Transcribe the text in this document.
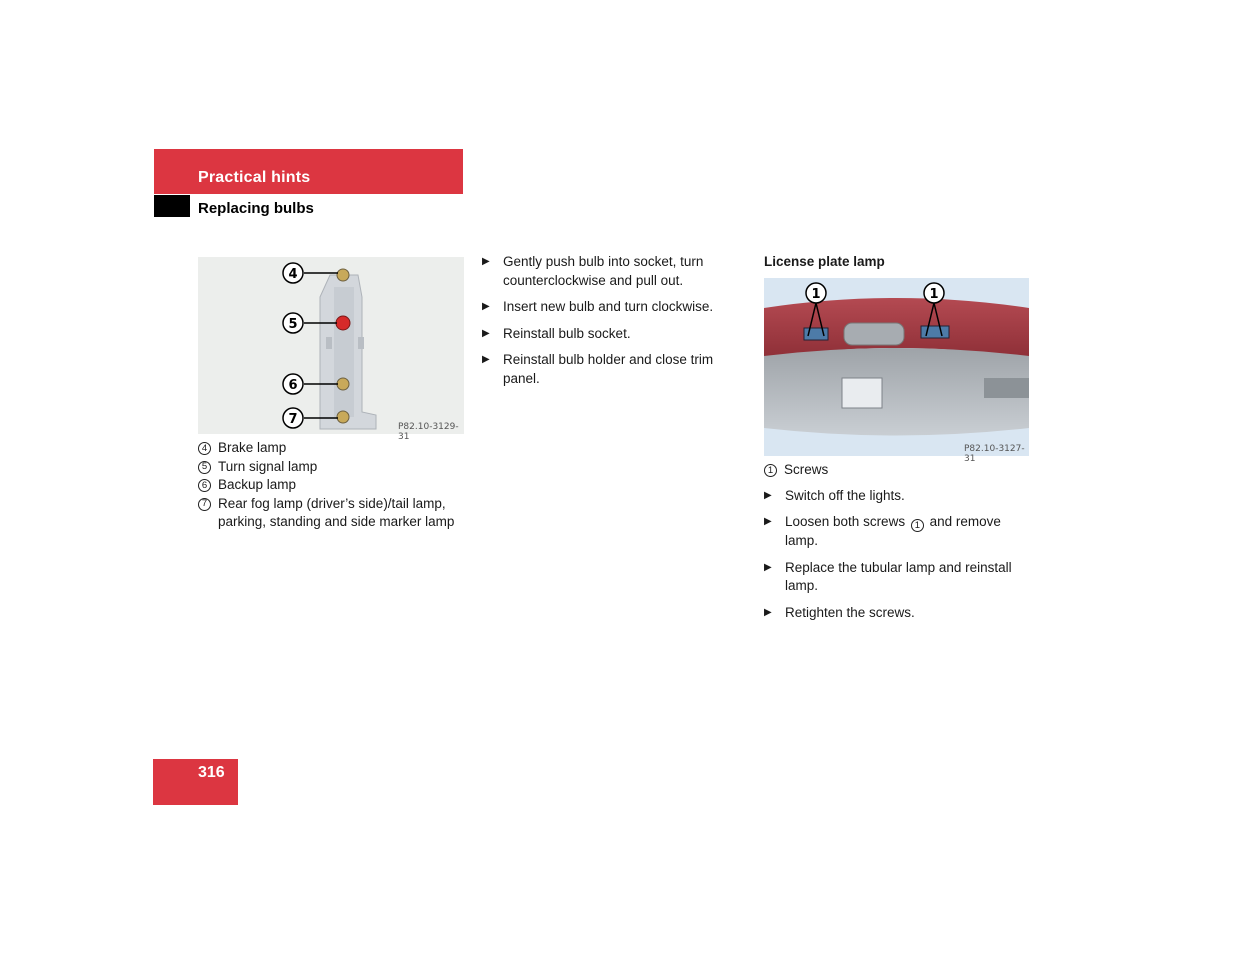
Practical hints
Replacing bulbs
4
5
6
7	P82.10-3129-31
4 Brake lamp
5 Turn signal lamp
6 Backup lamp
7 Rear fog lamp (driver’s side)/tail lamp, parking, standing and side marker lamp
▶ Gently push bulb into socket, turn counterclockwise and pull out.
▶ Insert new bulb and turn clockwise.
▶ Reinstall bulb socket.
▶ Reinstall bulb holder and close trim panel.
License plate lamp
1	1
P82.10-3127-31
1 Screws
▶ Switch off the lights.
▶ Loosen both screws 1 and remove lamp.
▶ Replace the tubular lamp and reinstall lamp.
▶ Retighten the screws.
316
